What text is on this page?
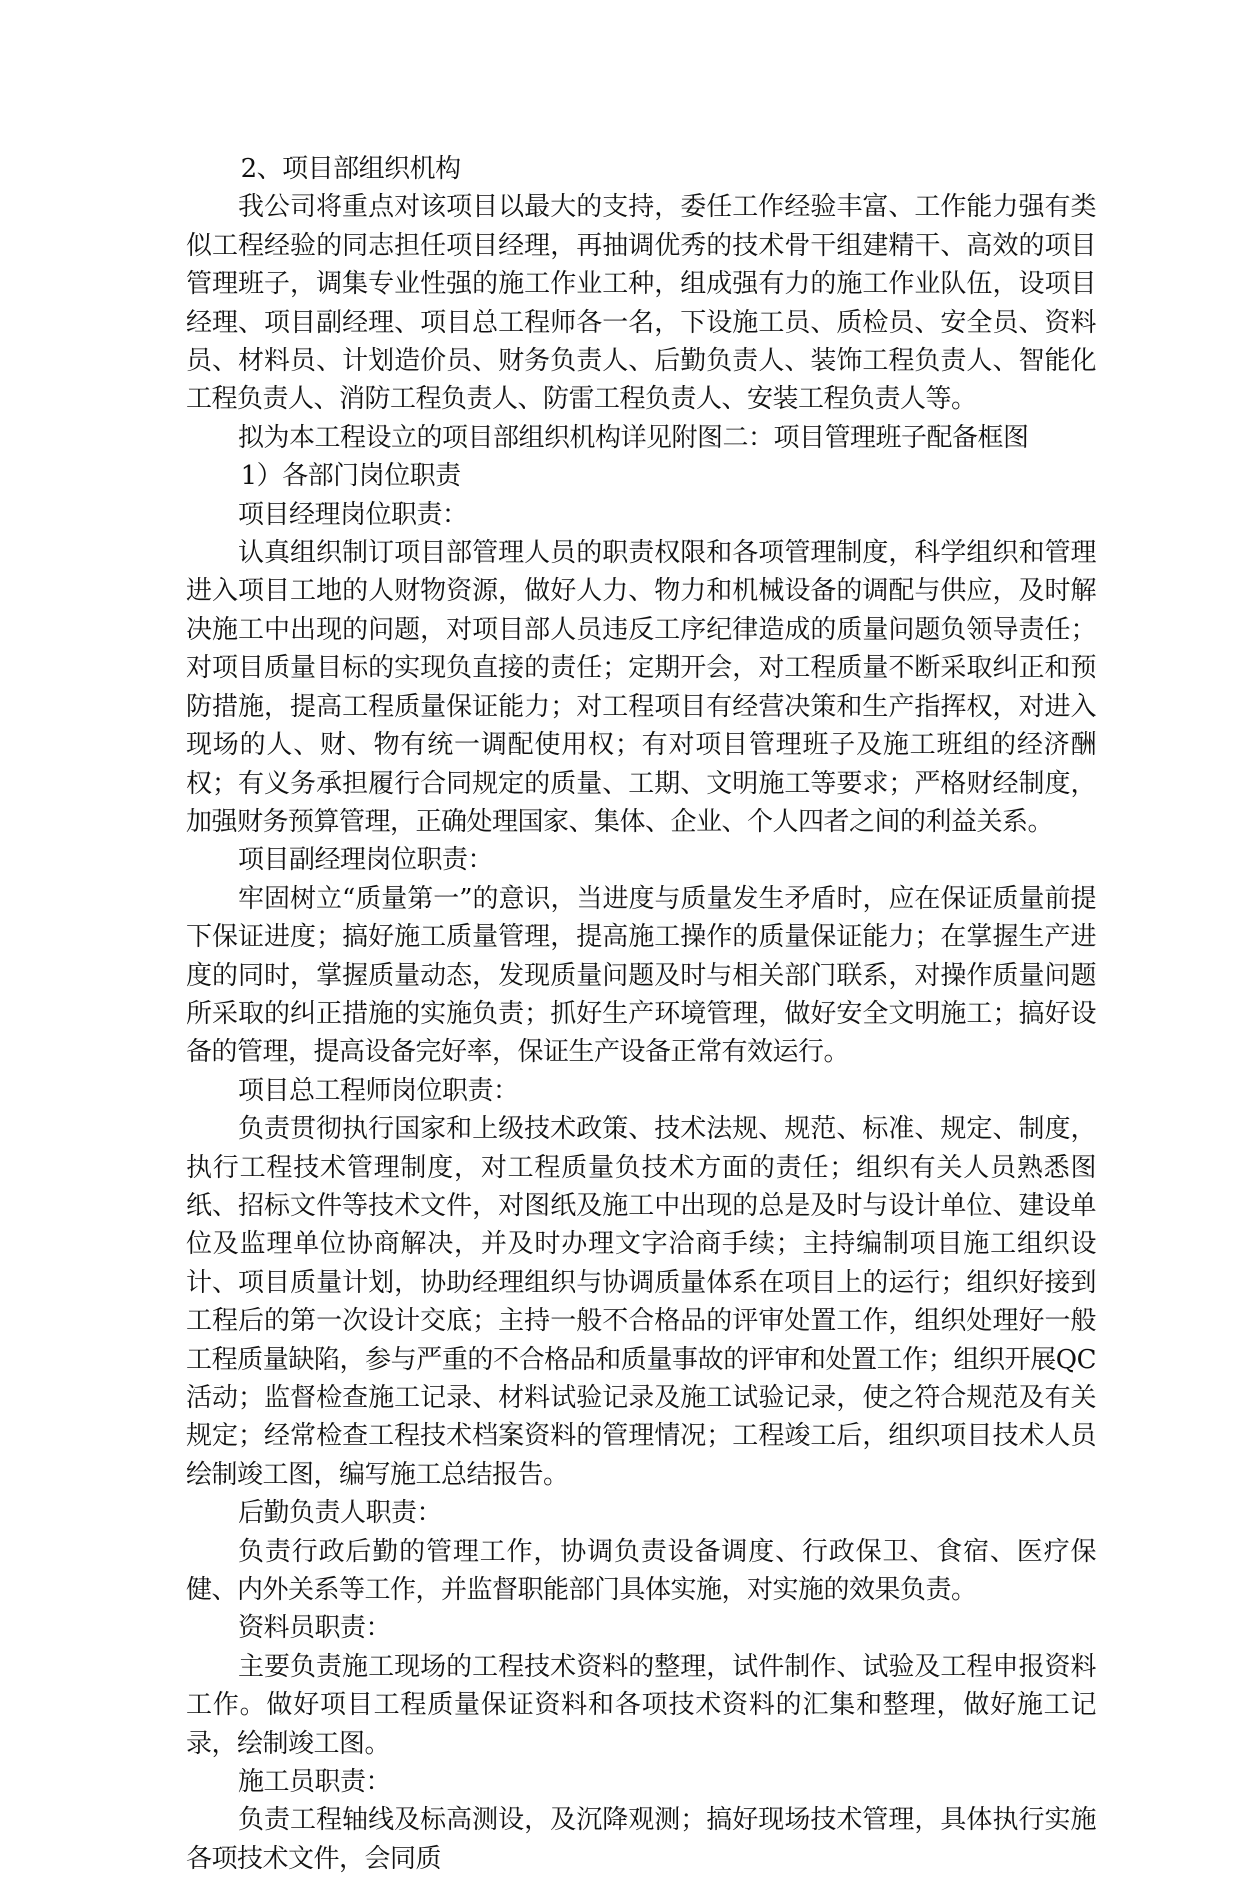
2、项目部组织机构

我公司将重点对该项目以最大的支持，委任工作经验丰富、工作能力强有类似工程经验的同志担任项目经理，再抽调优秀的技术骨干组建精干、高效的项目管理班子，调集专业性强的施工作业工种，组成强有力的施工作业队伍，设项目经理、项目副经理、项目总工程师各一名，下设施工员、质检员、安全员、资料员、材料员、计划造价员、财务负责人、后勤负责人、装饰工程负责人、智能化工程负责人、消防工程负责人、防雷工程负责人、安装工程负责人等。

拟为本工程设立的项目部组织机构详见附图二：项目管理班子配备框图

1）各部门岗位职责

项目经理岗位职责：

认真组织制订项目部管理人员的职责权限和各项管理制度，科学组织和管理进入项目工地的人财物资源，做好人力、物力和机械设备的调配与供应，及时解决施工中出现的问题，对项目部人员违反工序纪律造成的质量问题负领导责任；对项目质量目标的实现负直接的责任；定期开会，对工程质量不断采取纠正和预防措施，提高工程质量保证能力；对工程项目有经营决策和生产指挥权，对进入现场的人、财、物有统一调配使用权；有对项目管理班子及施工班组的经济酬权；有义务承担履行合同规定的质量、工期、文明施工等要求；严格财经制度，加强财务预算管理，正确处理国家、集体、企业、个人四者之间的利益关系。

项目副经理岗位职责：

牢固树立“质量第一”的意识，当进度与质量发生矛盾时，应在保证质量前提下保证进度；搞好施工质量管理，提高施工操作的质量保证能力；在掌握生产进度的同时，掌握质量动态，发现质量问题及时与相关部门联系，对操作质量问题所采取的纠正措施的实施负责；抓好生产环境管理，做好安全文明施工；搞好设备的管理，提高设备完好率，保证生产设备正常有效运行。

项目总工程师岗位职责：

负责贯彻执行国家和上级技术政策、技术法规、规范、标准、规定、制度，执行工程技术管理制度，对工程质量负技术方面的责任；组织有关人员熟悉图纸、招标文件等技术文件，对图纸及施工中出现的总是及时与设计单位、建设单位及监理单位协商解决，并及时办理文字洽商手续；主持编制项目施工组织设计、项目质量计划，协助经理组织与协调质量体系在项目上的运行；组织好接到工程后的第一次设计交底；主持一般不合格品的评审处置工作，组织处理好一般工程质量缺陷，参与严重的不合格品和质量事故的评审和处置工作；组织开展QC活动；监督检查施工记录、材料试验记录及施工试验记录，使之符合规范及有关规定；经常检查工程技术档案资料的管理情况；工程竣工后，组织项目技术人员绘制竣工图，编写施工总结报告。

后勤负责人职责：

负责行政后勤的管理工作，协调负责设备调度、行政保卫、食宿、医疗保健、内外关系等工作，并监督职能部门具体实施，对实施的效果负责。

资料员职责：

主要负责施工现场的工程技术资料的整理，试件制作、试验及工程申报资料工作。做好项目工程质量保证资料和各项技术资料的汇集和整理，做好施工记录，绘制竣工图。

施工员职责：

负责工程轴线及标高测设，及沉降观测；搞好现场技术管理，具体执行实施各项技术文件，会同质
